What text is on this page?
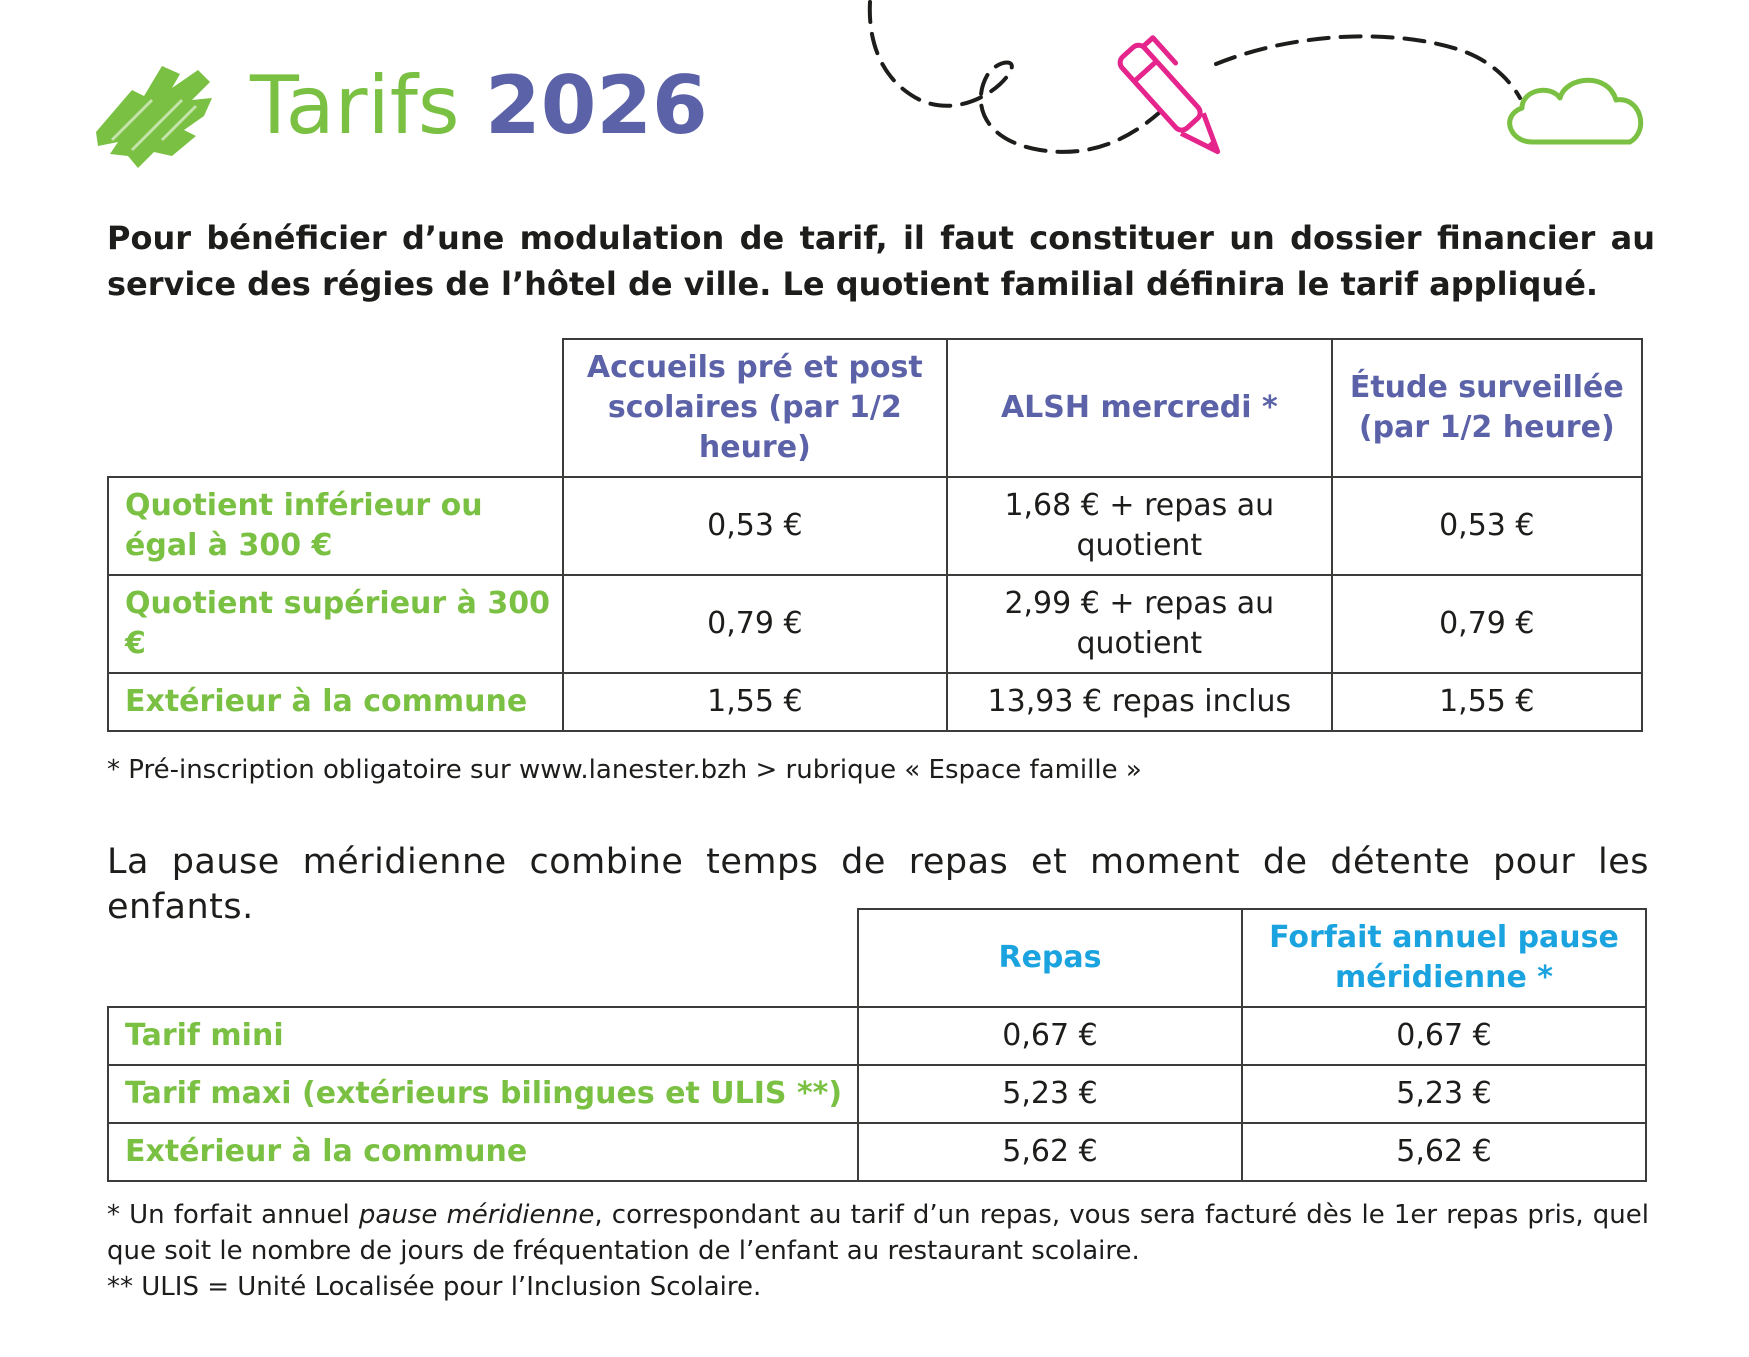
Tarifs 2026

Pour bénéficier d’une modulation de tarif, il faut constituer un dossier financier au service des régies de l’hôtel de ville. Le quotient familial définira le tarif appliqué.

	Accueils pré et post scolaires (par 1/2 heure)	ALSH mercredi *	Étude surveillée (par 1/2 heure)
Quotient inférieur ou égal à 300 €	0,53 €	1,68 € + repas au quotient	0,53 €
Quotient supérieur à 300 €	0,79 €	2,99 € + repas au quotient	0,79 €
Extérieur à la commune	1,55 €	13,93 € repas inclus	1,55 €
* Pré-inscription obligatoire sur www.lanester.bzh > rubrique « Espace famille »

La pause méridienne combine temps de repas et moment de détente pour les enfants.

	Repas	Forfait annuel pause méridienne *
Tarif mini	0,67 €	0,67 €
Tarif maxi (extérieurs bilingues et ULIS **)	5,23 €	5,23 €
Extérieur à la commune	5,62 €	5,62 €

* Un forfait annuel pause méridienne, correspondant au tarif d’un repas, vous sera facturé dès le 1er repas pris, quel que soit le nombre de jours de fréquentation de l’enfant au restaurant scolaire.

** ULIS = Unité Localisée pour l’Inclusion Scolaire.
